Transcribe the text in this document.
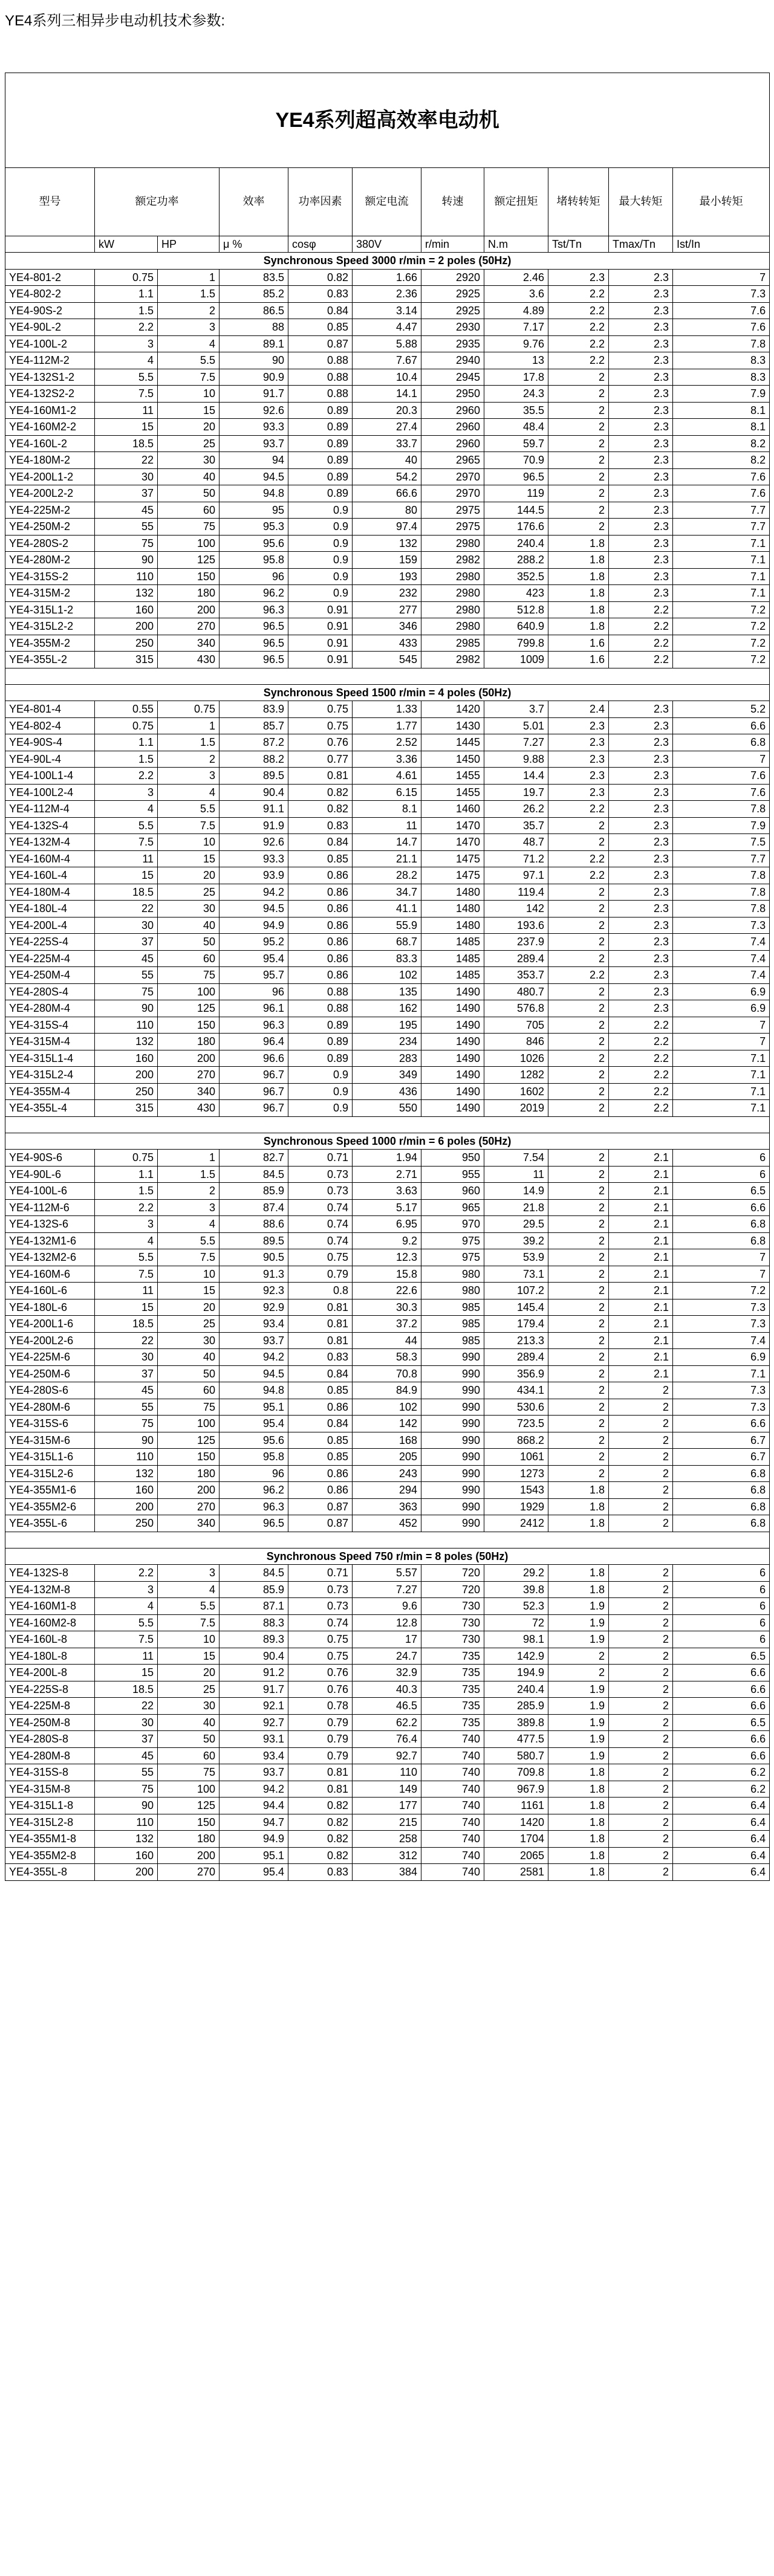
YE4系列三相异步电动机技术参数:
YE4系列超高效率电动机										
型号	额定功率		效率	功率因素	额定电流	转速	额定扭矩	堵转转矩	最大转矩	最小转矩
	kW	HP	μ %	cosφ	380V	r/min	N.m	Tst/Tn	Tmax/Tn	Ist/In
Synchronous Speed 3000 r/min = 2 poles (50Hz)										
YE4-801-2	0.75	1	83.5	0.82	1.66	2920	2.46	2.3	2.3	7
YE4-802-2	1.1	1.5	85.2	0.83	2.36	2925	3.6	2.2	2.3	7.3
YE4-90S-2	1.5	2	86.5	0.84	3.14	2925	4.89	2.2	2.3	7.6
YE4-90L-2	2.2	3	88	0.85	4.47	2930	7.17	2.2	2.3	7.6
YE4-100L-2	3	4	89.1	0.87	5.88	2935	9.76	2.2	2.3	7.8
YE4-112M-2	4	5.5	90	0.88	7.67	2940	13	2.2	2.3	8.3
YE4-132S1-2	5.5	7.5	90.9	0.88	10.4	2945	17.8	2	2.3	8.3
YE4-132S2-2	7.5	10	91.7	0.88	14.1	2950	24.3	2	2.3	7.9
YE4-160M1-2	11	15	92.6	0.89	20.3	2960	35.5	2	2.3	8.1
YE4-160M2-2	15	20	93.3	0.89	27.4	2960	48.4	2	2.3	8.1
YE4-160L-2	18.5	25	93.7	0.89	33.7	2960	59.7	2	2.3	8.2
YE4-180M-2	22	30	94	0.89	40	2965	70.9	2	2.3	8.2
YE4-200L1-2	30	40	94.5	0.89	54.2	2970	96.5	2	2.3	7.6
YE4-200L2-2	37	50	94.8	0.89	66.6	2970	119	2	2.3	7.6
YE4-225M-2	45	60	95	0.9	80	2975	144.5	2	2.3	7.7
YE4-250M-2	55	75	95.3	0.9	97.4	2975	176.6	2	2.3	7.7
YE4-280S-2	75	100	95.6	0.9	132	2980	240.4	1.8	2.3	7.1
YE4-280M-2	90	125	95.8	0.9	159	2982	288.2	1.8	2.3	7.1
YE4-315S-2	110	150	96	0.9	193	2980	352.5	1.8	2.3	7.1
YE4-315M-2	132	180	96.2	0.9	232	2980	423	1.8	2.3	7.1
YE4-315L1-2	160	200	96.3	0.91	277	2980	512.8	1.8	2.2	7.2
YE4-315L2-2	200	270	96.5	0.91	346	2980	640.9	1.8	2.2	7.2
YE4-355M-2	250	340	96.5	0.91	433	2985	799.8	1.6	2.2	7.2
YE4-355L-2	315	430	96.5	0.91	545	2982	1009	1.6	2.2	7.2

Synchronous Speed 1500 r/min = 4 poles (50Hz)										
YE4-801-4	0.55	0.75	83.9	0.75	1.33	1420	3.7	2.4	2.3	5.2
YE4-802-4	0.75	1	85.7	0.75	1.77	1430	5.01	2.3	2.3	6.6
YE4-90S-4	1.1	1.5	87.2	0.76	2.52	1445	7.27	2.3	2.3	6.8
YE4-90L-4	1.5	2	88.2	0.77	3.36	1450	9.88	2.3	2.3	7
YE4-100L1-4	2.2	3	89.5	0.81	4.61	1455	14.4	2.3	2.3	7.6
YE4-100L2-4	3	4	90.4	0.82	6.15	1455	19.7	2.3	2.3	7.6
YE4-112M-4	4	5.5	91.1	0.82	8.1	1460	26.2	2.2	2.3	7.8
YE4-132S-4	5.5	7.5	91.9	0.83	11	1470	35.7	2	2.3	7.9
YE4-132M-4	7.5	10	92.6	0.84	14.7	1470	48.7	2	2.3	7.5
YE4-160M-4	11	15	93.3	0.85	21.1	1475	71.2	2.2	2.3	7.7
YE4-160L-4	15	20	93.9	0.86	28.2	1475	97.1	2.2	2.3	7.8
YE4-180M-4	18.5	25	94.2	0.86	34.7	1480	119.4	2	2.3	7.8
YE4-180L-4	22	30	94.5	0.86	41.1	1480	142	2	2.3	7.8
YE4-200L-4	30	40	94.9	0.86	55.9	1480	193.6	2	2.3	7.3
YE4-225S-4	37	50	95.2	0.86	68.7	1485	237.9	2	2.3	7.4
YE4-225M-4	45	60	95.4	0.86	83.3	1485	289.4	2	2.3	7.4
YE4-250M-4	55	75	95.7	0.86	102	1485	353.7	2.2	2.3	7.4
YE4-280S-4	75	100	96	0.88	135	1490	480.7	2	2.3	6.9
YE4-280M-4	90	125	96.1	0.88	162	1490	576.8	2	2.3	6.9
YE4-315S-4	110	150	96.3	0.89	195	1490	705	2	2.2	7
YE4-315M-4	132	180	96.4	0.89	234	1490	846	2	2.2	7
YE4-315L1-4	160	200	96.6	0.89	283	1490	1026	2	2.2	7.1
YE4-315L2-4	200	270	96.7	0.9	349	1490	1282	2	2.2	7.1
YE4-355M-4	250	340	96.7	0.9	436	1490	1602	2	2.2	7.1
YE4-355L-4	315	430	96.7	0.9	550	1490	2019	2	2.2	7.1

Synchronous Speed 1000 r/min = 6 poles (50Hz)										
YE4-90S-6	0.75	1	82.7	0.71	1.94	950	7.54	2	2.1	6
YE4-90L-6	1.1	1.5	84.5	0.73	2.71	955	11	2	2.1	6
YE4-100L-6	1.5	2	85.9	0.73	3.63	960	14.9	2	2.1	6.5
YE4-112M-6	2.2	3	87.4	0.74	5.17	965	21.8	2	2.1	6.6
YE4-132S-6	3	4	88.6	0.74	6.95	970	29.5	2	2.1	6.8
YE4-132M1-6	4	5.5	89.5	0.74	9.2	975	39.2	2	2.1	6.8
YE4-132M2-6	5.5	7.5	90.5	0.75	12.3	975	53.9	2	2.1	7
YE4-160M-6	7.5	10	91.3	0.79	15.8	980	73.1	2	2.1	7
YE4-160L-6	11	15	92.3	0.8	22.6	980	107.2	2	2.1	7.2
YE4-180L-6	15	20	92.9	0.81	30.3	985	145.4	2	2.1	7.3
YE4-200L1-6	18.5	25	93.4	0.81	37.2	985	179.4	2	2.1	7.3
YE4-200L2-6	22	30	93.7	0.81	44	985	213.3	2	2.1	7.4
YE4-225M-6	30	40	94.2	0.83	58.3	990	289.4	2	2.1	6.9
YE4-250M-6	37	50	94.5	0.84	70.8	990	356.9	2	2.1	7.1
YE4-280S-6	45	60	94.8	0.85	84.9	990	434.1	2	2	7.3
YE4-280M-6	55	75	95.1	0.86	102	990	530.6	2	2	7.3
YE4-315S-6	75	100	95.4	0.84	142	990	723.5	2	2	6.6
YE4-315M-6	90	125	95.6	0.85	168	990	868.2	2	2	6.7
YE4-315L1-6	110	150	95.8	0.85	205	990	1061	2	2	6.7
YE4-315L2-6	132	180	96	0.86	243	990	1273	2	2	6.8
YE4-355M1-6	160	200	96.2	0.86	294	990	1543	1.8	2	6.8
YE4-355M2-6	200	270	96.3	0.87	363	990	1929	1.8	2	6.8
YE4-355L-6	250	340	96.5	0.87	452	990	2412	1.8	2	6.8

Synchronous Speed 750 r/min = 8 poles (50Hz)										
YE4-132S-8	2.2	3	84.5	0.71	5.57	720	29.2	1.8	2	6
YE4-132M-8	3	4	85.9	0.73	7.27	720	39.8	1.8	2	6
YE4-160M1-8	4	5.5	87.1	0.73	9.6	730	52.3	1.9	2	6
YE4-160M2-8	5.5	7.5	88.3	0.74	12.8	730	72	1.9	2	6
YE4-160L-8	7.5	10	89.3	0.75	17	730	98.1	1.9	2	6
YE4-180L-8	11	15	90.4	0.75	24.7	735	142.9	2	2	6.5
YE4-200L-8	15	20	91.2	0.76	32.9	735	194.9	2	2	6.6
YE4-225S-8	18.5	25	91.7	0.76	40.3	735	240.4	1.9	2	6.6
YE4-225M-8	22	30	92.1	0.78	46.5	735	285.9	1.9	2	6.6
YE4-250M-8	30	40	92.7	0.79	62.2	735	389.8	1.9	2	6.5
YE4-280S-8	37	50	93.1	0.79	76.4	740	477.5	1.9	2	6.6
YE4-280M-8	45	60	93.4	0.79	92.7	740	580.7	1.9	2	6.6
YE4-315S-8	55	75	93.7	0.81	110	740	709.8	1.8	2	6.2
YE4-315M-8	75	100	94.2	0.81	149	740	967.9	1.8	2	6.2
YE4-315L1-8	90	125	94.4	0.82	177	740	1161	1.8	2	6.4
YE4-315L2-8	110	150	94.7	0.82	215	740	1420	1.8	2	6.4
YE4-355M1-8	132	180	94.9	0.82	258	740	1704	1.8	2	6.4
YE4-355M2-8	160	200	95.1	0.82	312	740	2065	1.8	2	6.4
YE4-355L-8	200	270	95.4	0.83	384	740	2581	1.8	2	6.4
